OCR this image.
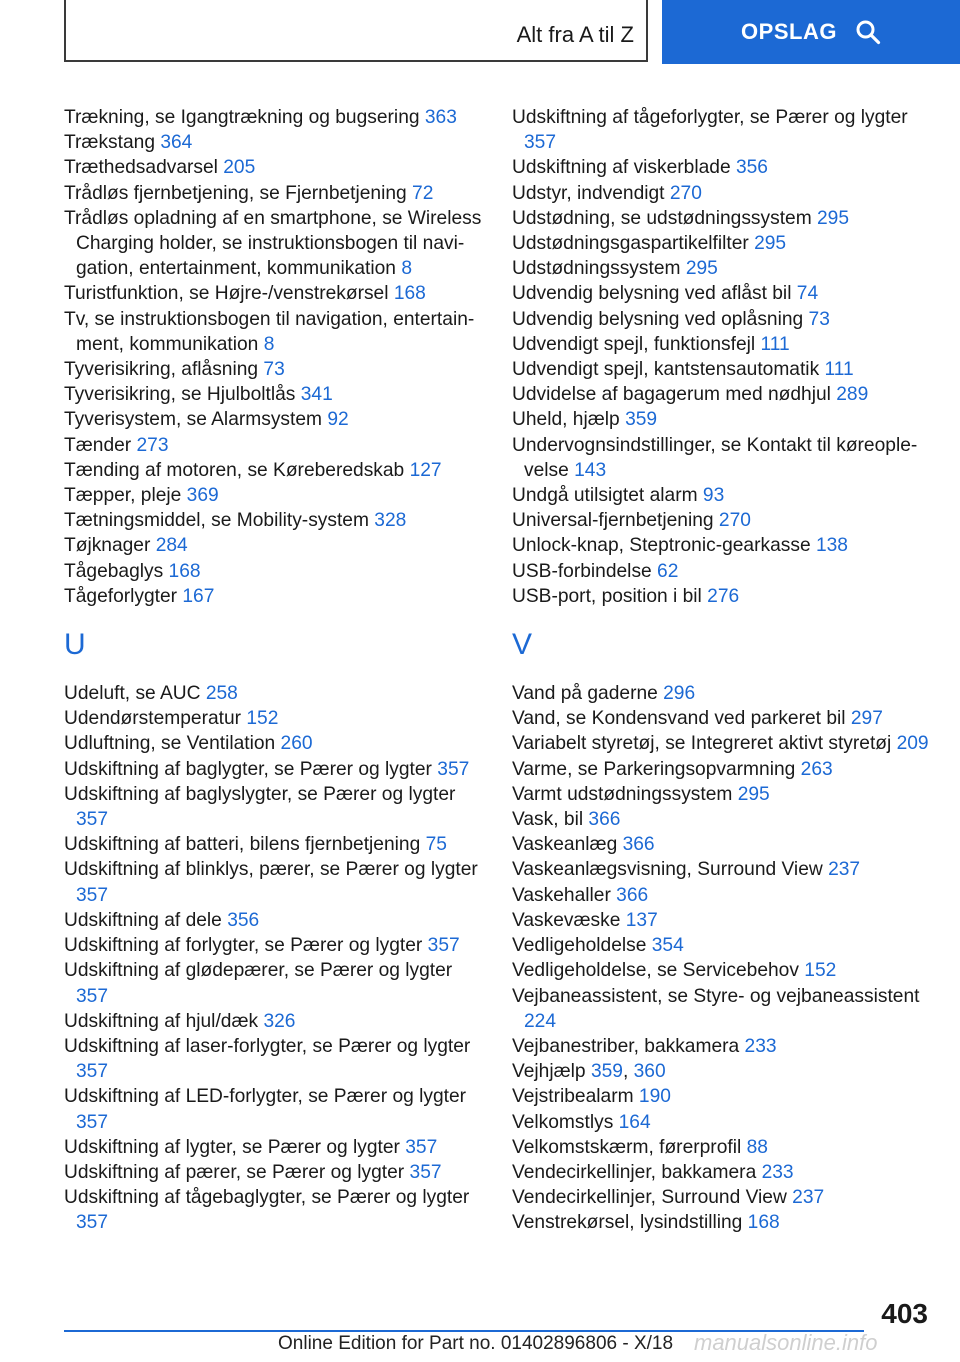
Alt fra A til Z	OPSLAG

Trækning, se Igangtrækning og bugsering 363

Trækstang 364

Træthedsadvarsel 205

Trådløs fjernbetjening, se Fjernbetjening 72

Trådløs opladning af en smartphone, se Wireless Charging holder, se instruktionsbogen til navigation, entertainment, kommunikation 8

Turistfunktion, se Højre-/venstrekørsel 168

Tv, se instruktionsbogen til navigation, entertainment, kommunikation 8

Tyverisikring, aflåsning 73

Tyverisikring, se Hjulboltlås 341

Tyverisystem, se Alarmsystem 92

Tænder 273

Tænding af motoren, se Køreberedskab 127

Tæpper, pleje 369

Tætningsmiddel, se Mobility-system 328

Tøjknager 284

Tågebaglys 168

Tågeforlygter 167

U

Udeluft, se AUC 258

Udendørstemperatur 152

Udluftning, se Ventilation 260

Udskiftning af baglygter, se Pærer og lygter 357

Udskiftning af baglyslygter, se Pærer og lygter 357

Udskiftning af batteri, bilens fjernbetjening 75

Udskiftning af blinklys, pærer, se Pærer og lygter 357

Udskiftning af dele 356

Udskiftning af forlygter, se Pærer og lygter 357

Udskiftning af glødepærer, se Pærer og lygter 357

Udskiftning af hjul/dæk 326

Udskiftning af laser-forlygter, se Pærer og lygter 357

Udskiftning af LED-forlygter, se Pærer og lygter 357

Udskiftning af lygter, se Pærer og lygter 357

Udskiftning af pærer, se Pærer og lygter 357

Udskiftning af tågebaglygter, se Pærer og lygter 357

Udskiftning af tågeforlygter, se Pærer og lygter 357

Udskiftning af viskerblade 356

Udstyr, indvendigt 270

Udstødning, se udstødningssystem 295

Udstødningsgaspartikelfilter 295

Udstødningssystem 295

Udvendig belysning ved aflåst bil 74

Udvendig belysning ved oplåsning 73

Udvendigt spejl, funktionsfejl 111

Udvendigt spejl, kantstensautomatik 111

Udvidelse af bagagerum med nødhjul 289

Uheld, hjælp 359

Undervognsindstillinger, se Kontakt til køreoplevelse 143

Undgå utilsigtet alarm 93

Universal-fjernbetjening 270

Unlock-knap, Steptronic-gearkasse 138

USB-forbindelse 62

USB-port, position i bil 276

V

Vand på gaderne 296

Vand, se Kondensvand ved parkeret bil 297

Variabelt styretøj, se Integreret aktivt styretøj 209

Varme, se Parkeringsopvarmning 263

Varmt udstødningssystem 295

Vask, bil 366

Vaskeanlæg 366

Vaskeanlægsvisning, Surround View 237

Vaskehaller 366

Vaskevæske 137

Vedligeholdelse 354

Vedligeholdelse, se Servicebehov 152

Vejbaneassistent, se Styre- og vejbaneassistent 224

Vejbanestriber, bakkamera 233

Vejhjælp 359, 360

Vejstribealarm 190

Velkomstlys 164

Velkomstskærm, førerprofil 88

Vendecirkellinjer, bakkamera 233

Vendecirkellinjer, Surround View 237

Venstrekørsel, lysindstilling 168

403
Online Edition for Part no. 01402896806 - X/18 manualsonline.info
